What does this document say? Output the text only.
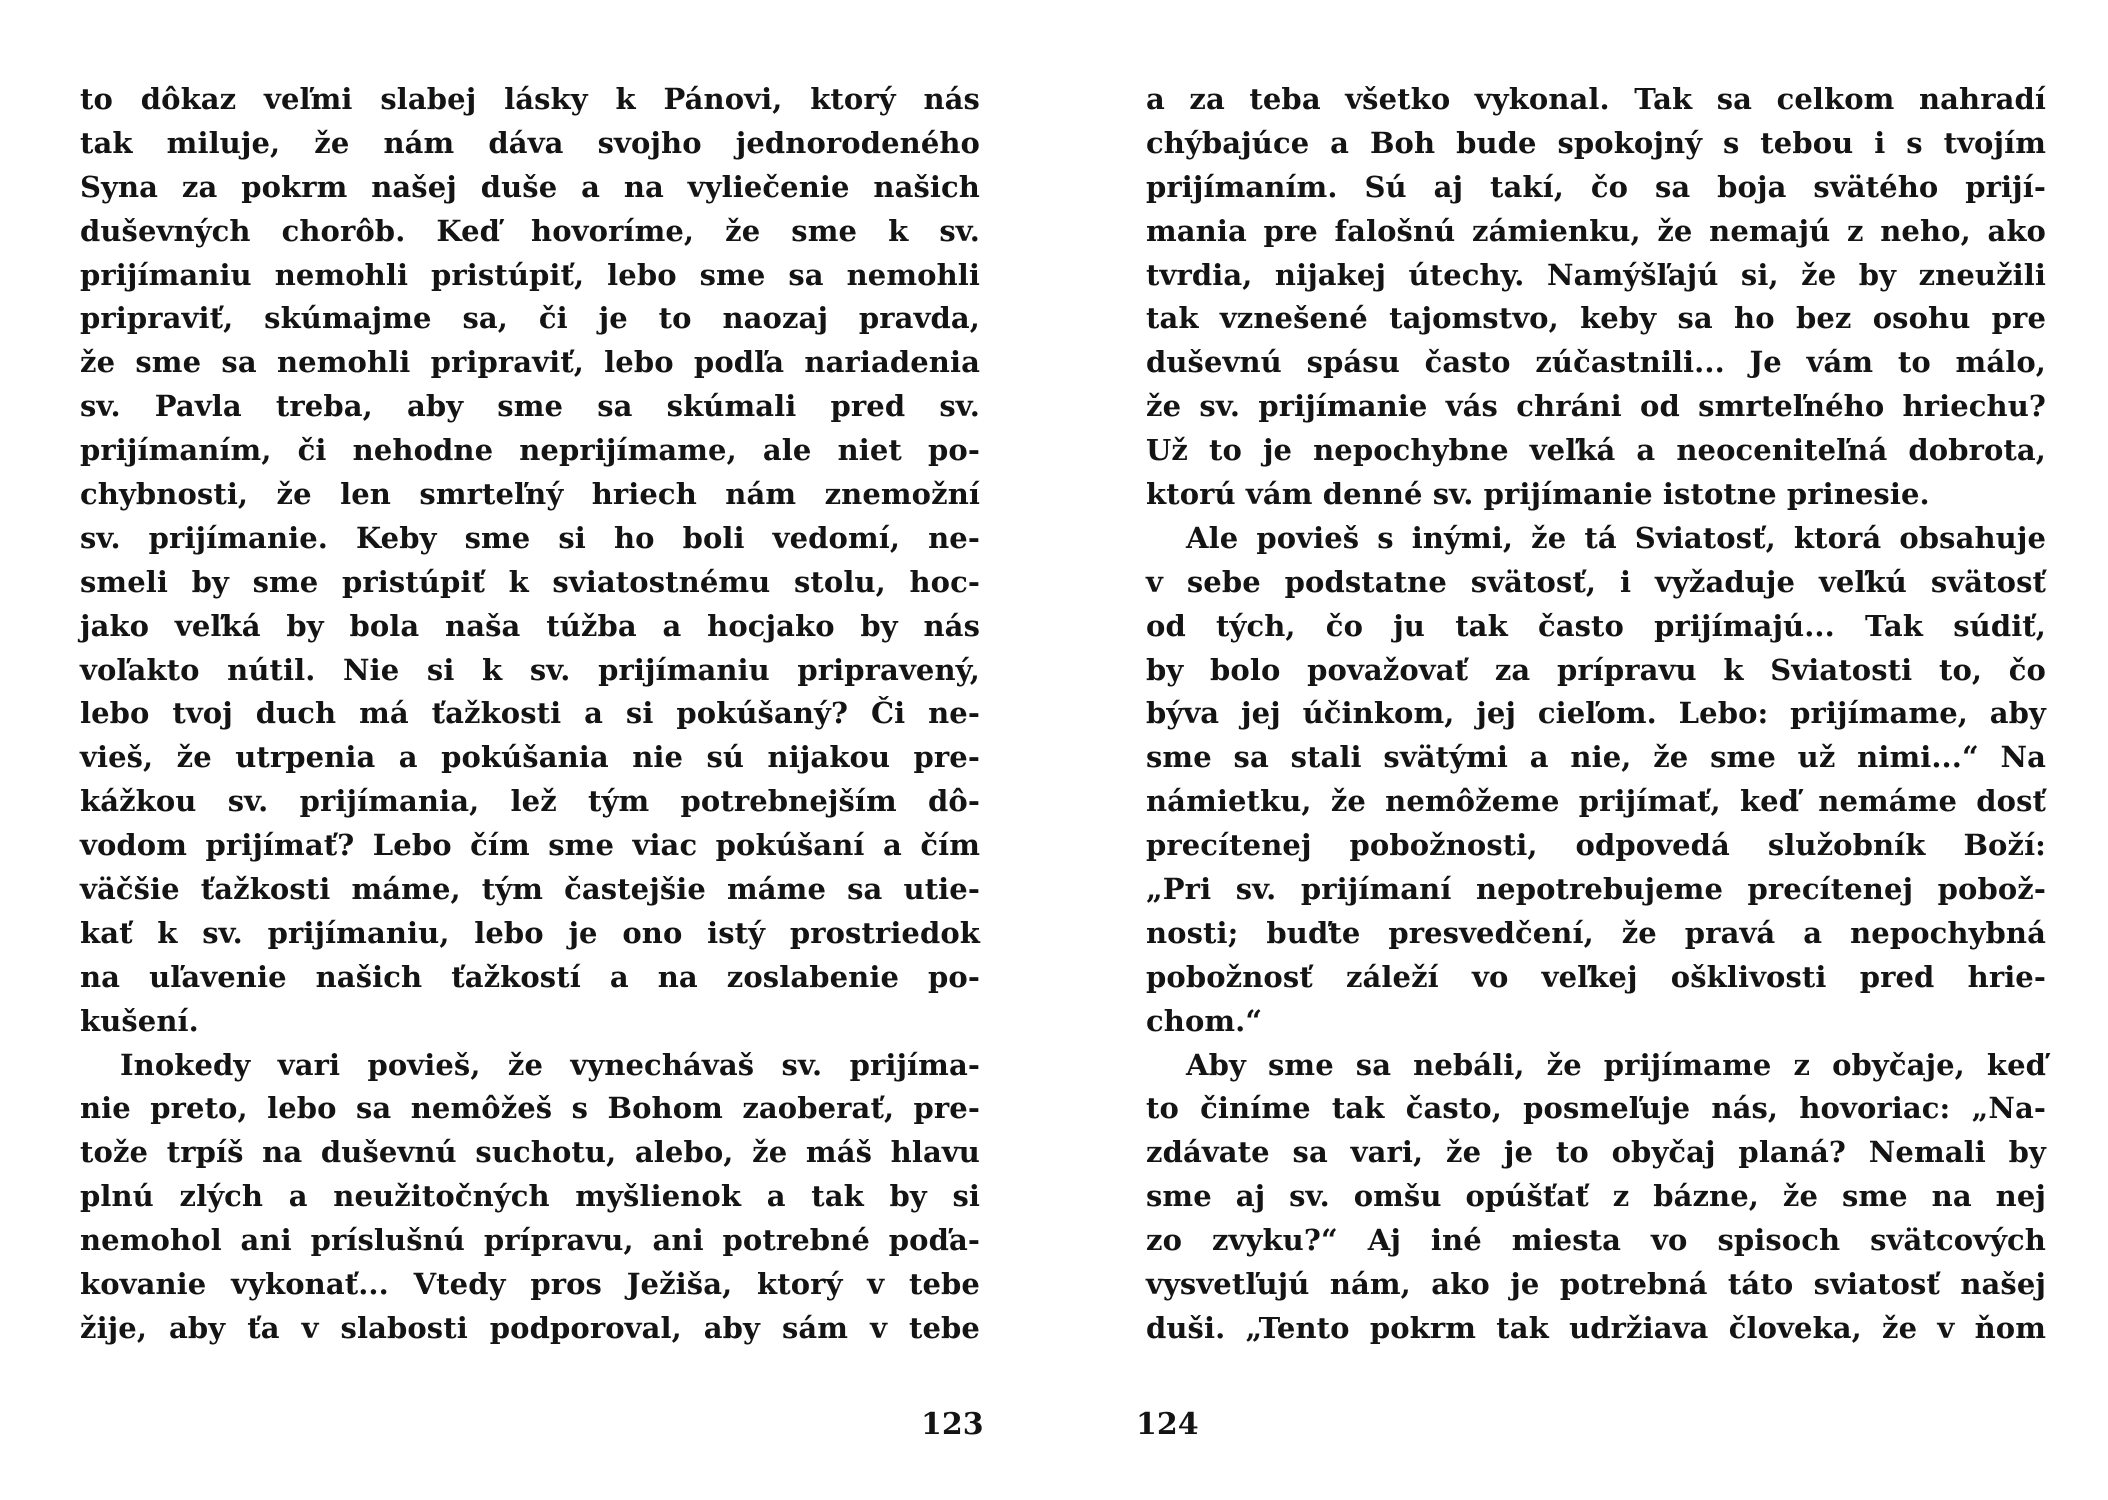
to dôkaz veľmi slabej lásky k Pánovi, ktorý nás
tak miluje, že nám dáva svojho jednorodeného
Syna za pokrm našej duše a na vyliečenie našich
duševných chorôb. Keď hovoríme, že sme k sv.
prijímaniu nemohli pristúpiť, lebo sme sa nemohli
pripraviť, skúmajme sa, či je to naozaj pravda,
že sme sa nemohli pripraviť, lebo podľa nariadenia
sv. Pavla treba, aby sme sa skúmali pred sv.
prijímaním, či nehodne neprijímame, ale niet po-
chybnosti, že len smrteľný hriech nám znemožní
sv. prijímanie. Keby sme si ho boli vedomí, ne-
smeli by sme pristúpiť k sviatostnému stolu, hoc-
jako veľká by bola naša túžba a hocjako by nás
voľakto nútil. Nie si k sv. prijímaniu pripravený,
lebo tvoj duch má ťažkosti a si pokúšaný? Či ne-
vieš, že utrpenia a pokúšania nie sú nijakou pre-
kážkou sv. prijímania, lež tým potrebnejším dô-
vodom prijímať? Lebo čím sme viac pokúšaní a čím
väčšie ťažkosti máme, tým častejšie máme sa utie-
kať k sv. prijímaniu, lebo je ono istý prostriedok
na uľavenie našich ťažkostí a na zoslabenie po-
kušení.
Inokedy vari povieš, že vynechávaš sv. prijíma-
nie preto, lebo sa nemôžeš s Bohom zaoberať, pre-
tože trpíš na duševnú suchotu, alebo, že máš hlavu
plnú zlých a neužitočných myšlienok a tak by si
nemohol ani príslušnú prípravu, ani potrebné poďa-
kovanie vykonať... Vtedy pros Ježiša, ktorý v tebe
žije, aby ťa v slabosti podporoval, aby sám v tebe
123
a za teba všetko vykonal. Tak sa celkom nahradí
chýbajúce a Boh bude spokojný s tebou i s tvojím
prijímaním. Sú aj takí, čo sa boja svätého prijí-
mania pre falošnú zámienku, že nemajú z neho, ako
tvrdia, nijakej útechy. Namýšľajú si, že by zneužili
tak vznešené tajomstvo, keby sa ho bez osohu pre
duševnú spásu často zúčastnili... Je vám to málo,
že sv. prijímanie vás chráni od smrteľného hriechu?
Už to je nepochybne veľká a neoceniteľná dobrota,
ktorú vám denné sv. prijímanie istotne prinesie.
Ale povieš s inými, že tá Sviatosť, ktorá obsahuje
v sebe podstatne svätosť, i vyžaduje veľkú svätosť
od tých, čo ju tak často prijímajú... Tak súdiť,
by bolo považovať za prípravu k Sviatosti to, čo
býva jej účinkom, jej cieľom. Lebo: prijímame, aby
sme sa stali svätými a nie, že sme už nimi...“ Na
námietku, že nemôžeme prijímať, keď nemáme dosť
precítenej pobožnosti, odpovedá služobník Boží:
„Pri sv. prijímaní nepotrebujeme precítenej pobož-
nosti; buďte presvedčení, že pravá a nepochybná
pobožnosť záleží vo veľkej ošklivosti pred hrie-
chom.“
Aby sme sa nebáli, že prijímame z obyčaje, keď
to činíme tak často, posmeľuje nás, hovoriac: „Na-
zdávate sa vari, že je to obyčaj planá? Nemali by
sme aj sv. omšu opúšťať z bázne, že sme na nej
zo zvyku?“ Aj iné miesta vo spisoch svätcových
vysvetľujú nám, ako je potrebná táto sviatosť našej
duši. „Tento pokrm tak udržiava človeka, že v ňom
124
